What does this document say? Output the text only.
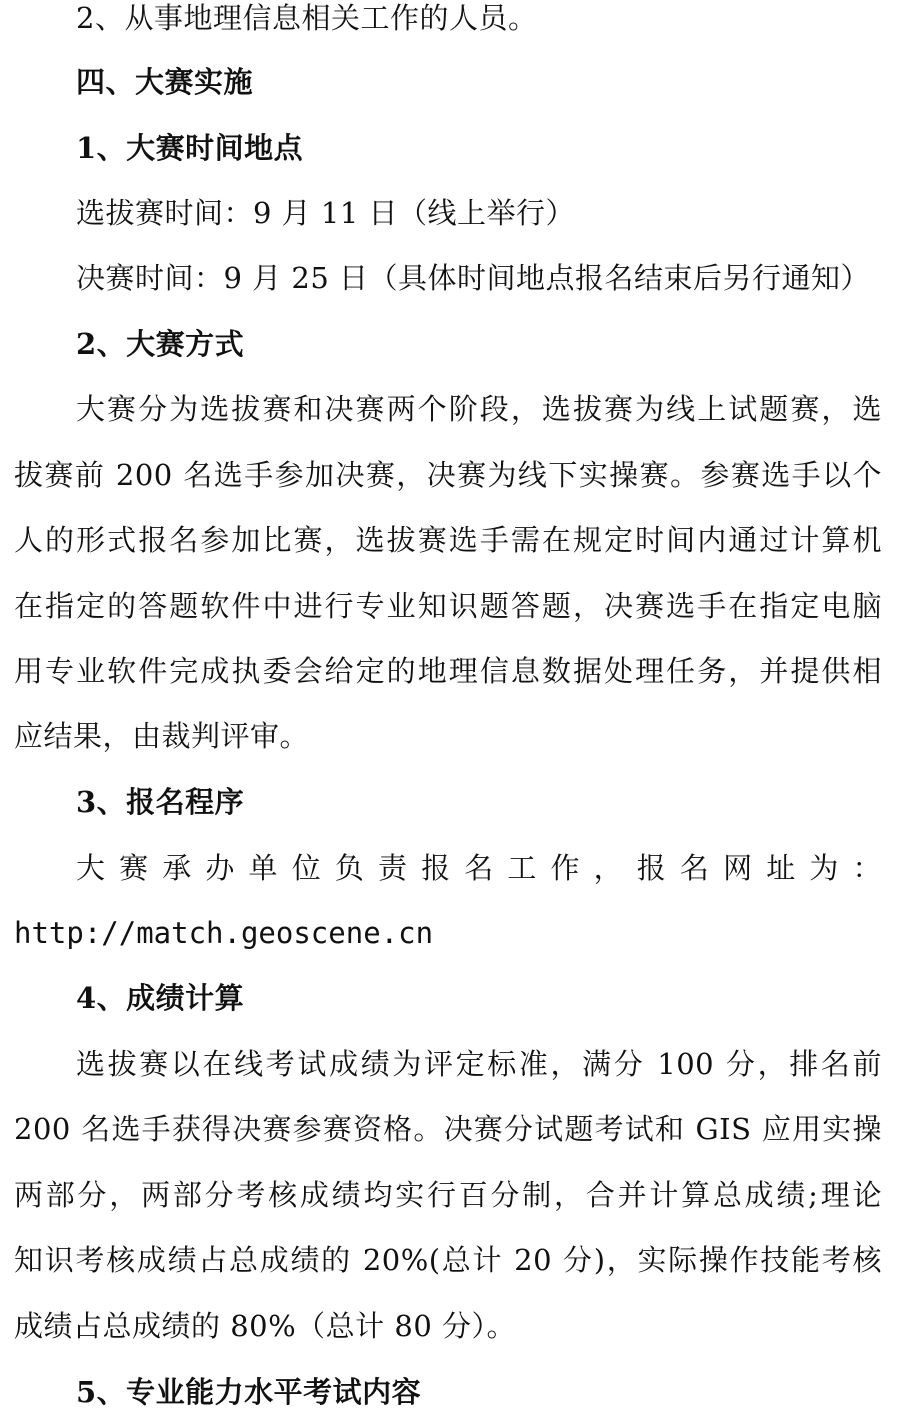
2、从事地理信息相关工作的人员。
四、大赛实施
1、大赛时间地点
选拔赛时间：9 月 11 日（线上举行）
决赛时间：9 月 25 日（具体时间地点报名结束后另行通知）
2、大赛方式
大赛分为选拔赛和决赛两个阶段，选拔赛为线上试题赛，选
拔赛前 200 名选手参加决赛，决赛为线下实操赛。参赛选手以个
人的形式报名参加比赛，选拔赛选手需在规定时间内通过计算机
在指定的答题软件中进行专业知识题答题，决赛选手在指定电脑
用专业软件完成执委会给定的地理信息数据处理任务，并提供相
应结果，由裁判评审。
3、报名程序
大赛承办单位负责报名工作，报名网址为：
http://match.geoscene.cn
4、成绩计算
选拔赛以在线考试成绩为评定标准，满分 100 分，排名前
200 名选手获得决赛参赛资格。决赛分试题考试和 GIS 应用实操
两部分，两部分考核成绩均实行百分制，合并计算总成绩;理论
知识考核成绩占总成绩的 20%(总计 20 分)，实际操作技能考核
成绩占总成绩的 80%（总计 80 分）。
5、专业能力水平考试内容
